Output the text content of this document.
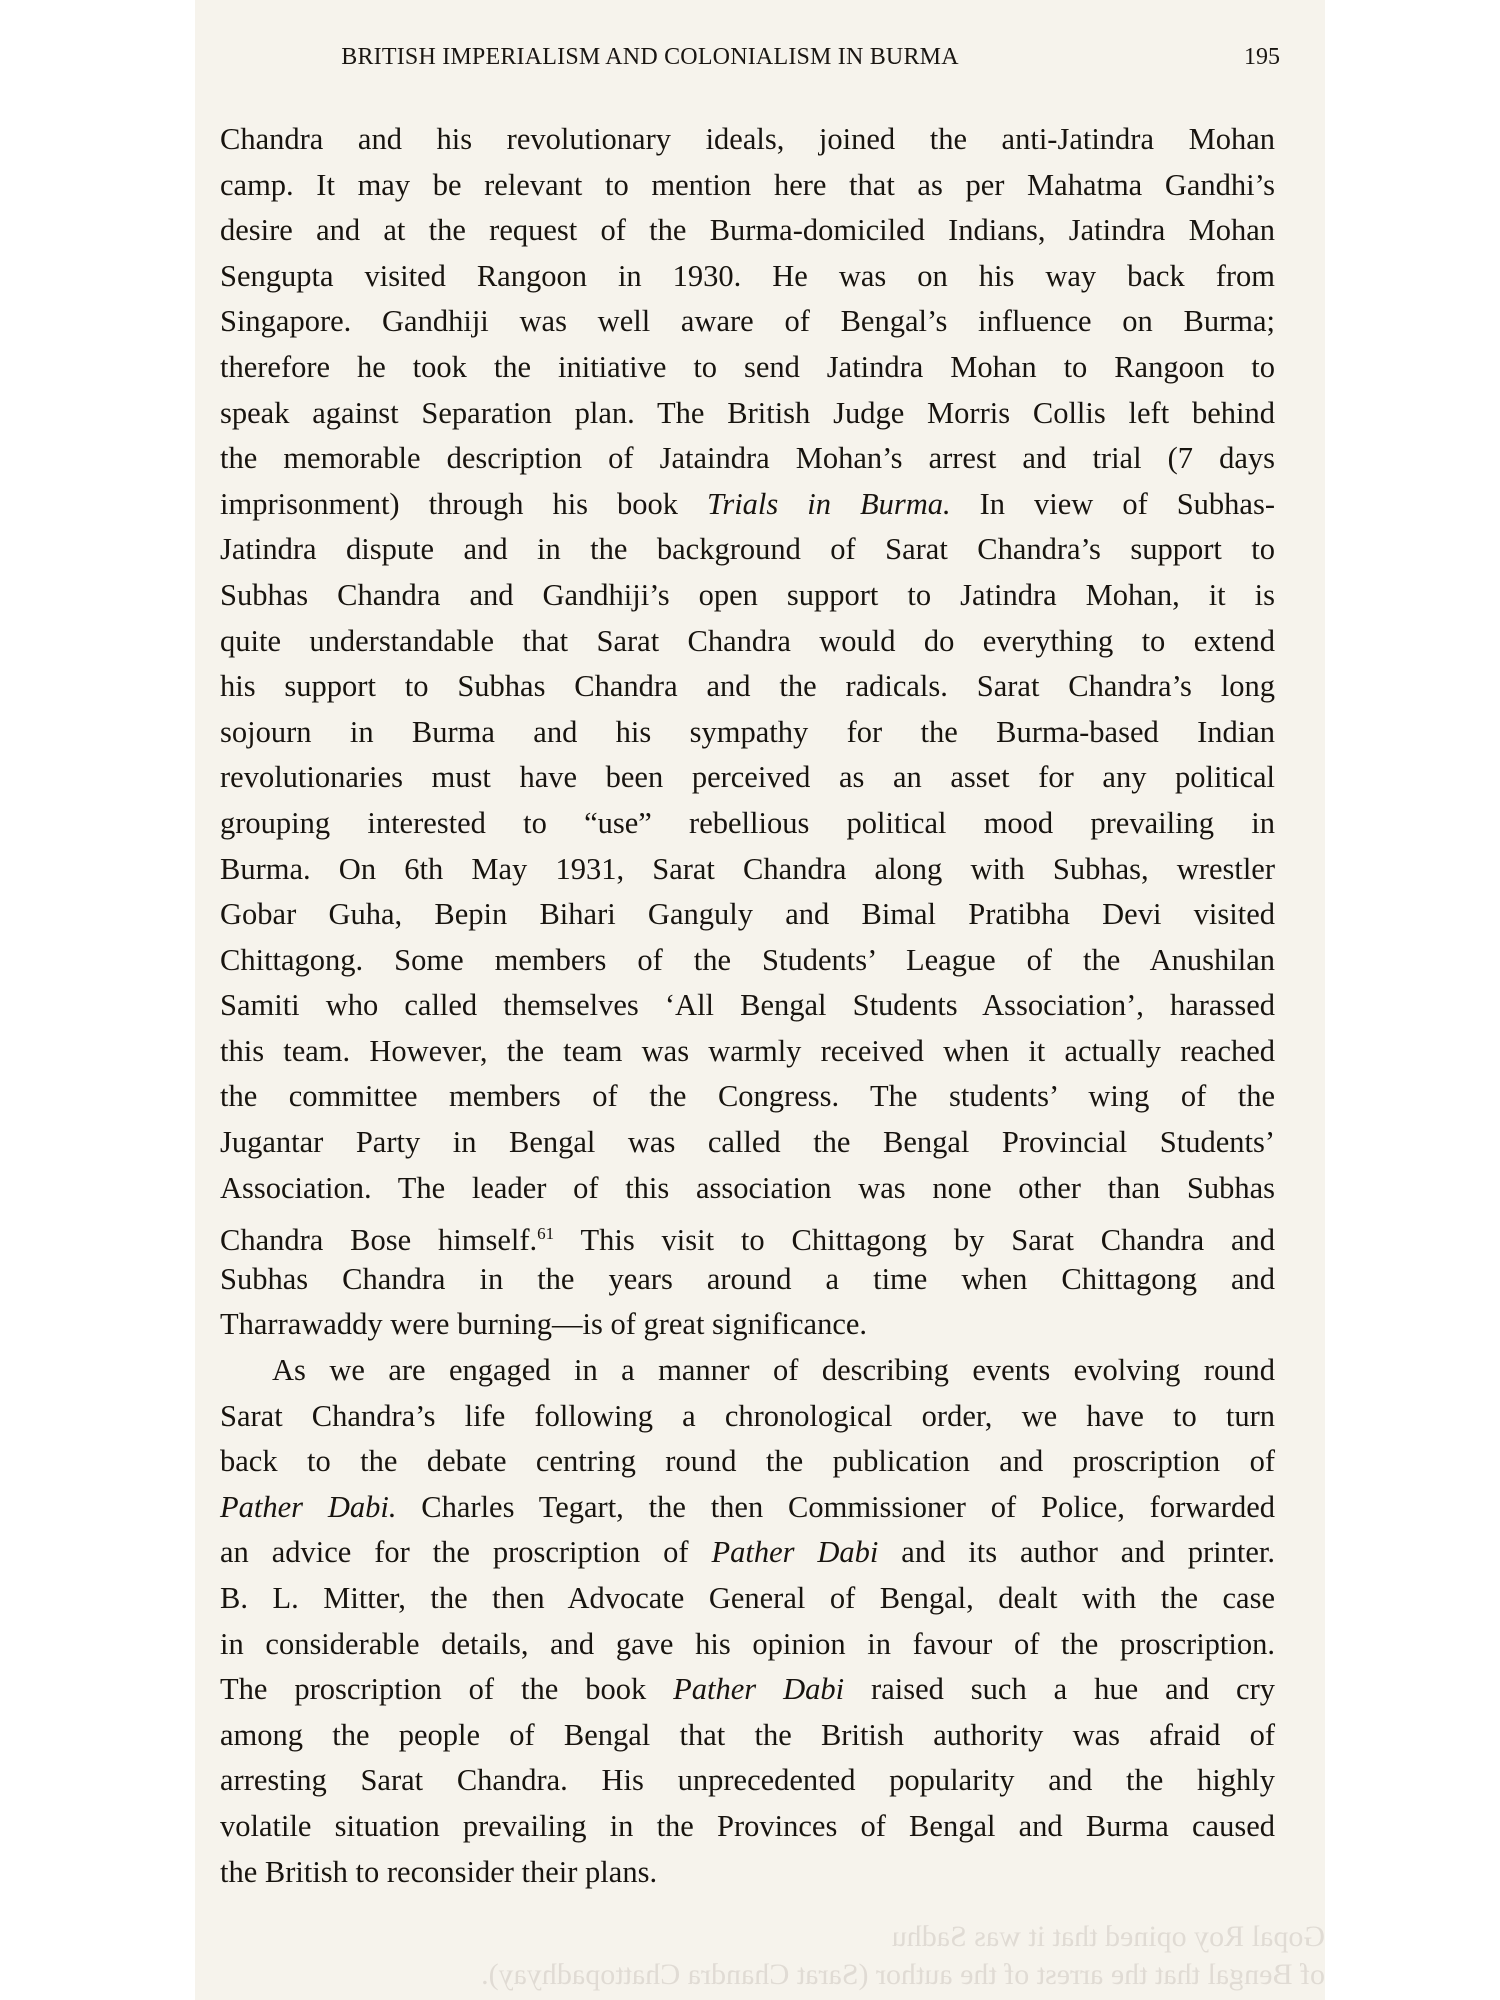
Gopal Roy opined that it was Sadhu
of Bengal that the arrest of the author (Sarat Chandra Chattopadhyay).
BRITISH IMPERIALISM AND COLONIALISM IN BURMA	195
Chandra and his revolutionary ideals, joined the anti-Jatindra Mohan
camp. It may be relevant to mention here that as per Mahatma Gandhi’s
desire and at the request of the Burma-domiciled Indians, Jatindra Mohan
Sengupta visited Rangoon in 1930. He was on his way back from
Singapore. Gandhiji was well aware of Bengal’s influence on Burma;
therefore he took the initiative to send Jatindra Mohan to Rangoon to
speak against Separation plan. The British Judge Morris Collis left behind
the memorable description of Jataindra Mohan’s arrest and trial (7 days
imprisonment) through his book Trials in Burma. In view of Subhas-
Jatindra dispute and in the background of Sarat Chandra’s support to
Subhas Chandra and Gandhiji’s open support to Jatindra Mohan, it is
quite understandable that Sarat Chandra would do everything to extend
his support to Subhas Chandra and the radicals. Sarat Chandra’s long
sojourn in Burma and his sympathy for the Burma-based Indian
revolutionaries must have been perceived as an asset for any political
grouping interested to “use” rebellious political mood prevailing in
Burma. On 6th May 1931, Sarat Chandra along with Subhas, wrestler
Gobar Guha, Bepin Bihari Ganguly and Bimal Pratibha Devi visited
Chittagong. Some members of the Students’ League of the Anushilan
Samiti who called themselves ‘All Bengal Students Association’, harassed
this team. However, the team was warmly received when it actually reached
the committee members of the Congress. The students’ wing of the
Jugantar Party in Bengal was called the Bengal Provincial Students’
Association. The leader of this association was none other than Subhas
Chandra Bose himself.$^{61}$ This visit to Chittagong by Sarat Chandra and
Subhas Chandra in the years around a time when Chittagong and
Tharrawaddy were burning—is of great significance.
As we are engaged in a manner of describing events evolving round
Sarat Chandra’s life following a chronological order, we have to turn
back to the debate centring round the publication and proscription of
Pather Dabi. Charles Tegart, the then Commissioner of Police, forwarded
an advice for the proscription of Pather Dabi and its author and printer.
B. L. Mitter, the then Advocate General of Bengal, dealt with the case
in considerable details, and gave his opinion in favour of the proscription.
The proscription of the book Pather Dabi raised such a hue and cry
among the people of Bengal that the British authority was afraid of
arresting Sarat Chandra. His unprecedented popularity and the highly
volatile situation prevailing in the Provinces of Bengal and Burma caused
the British to reconsider their plans.
